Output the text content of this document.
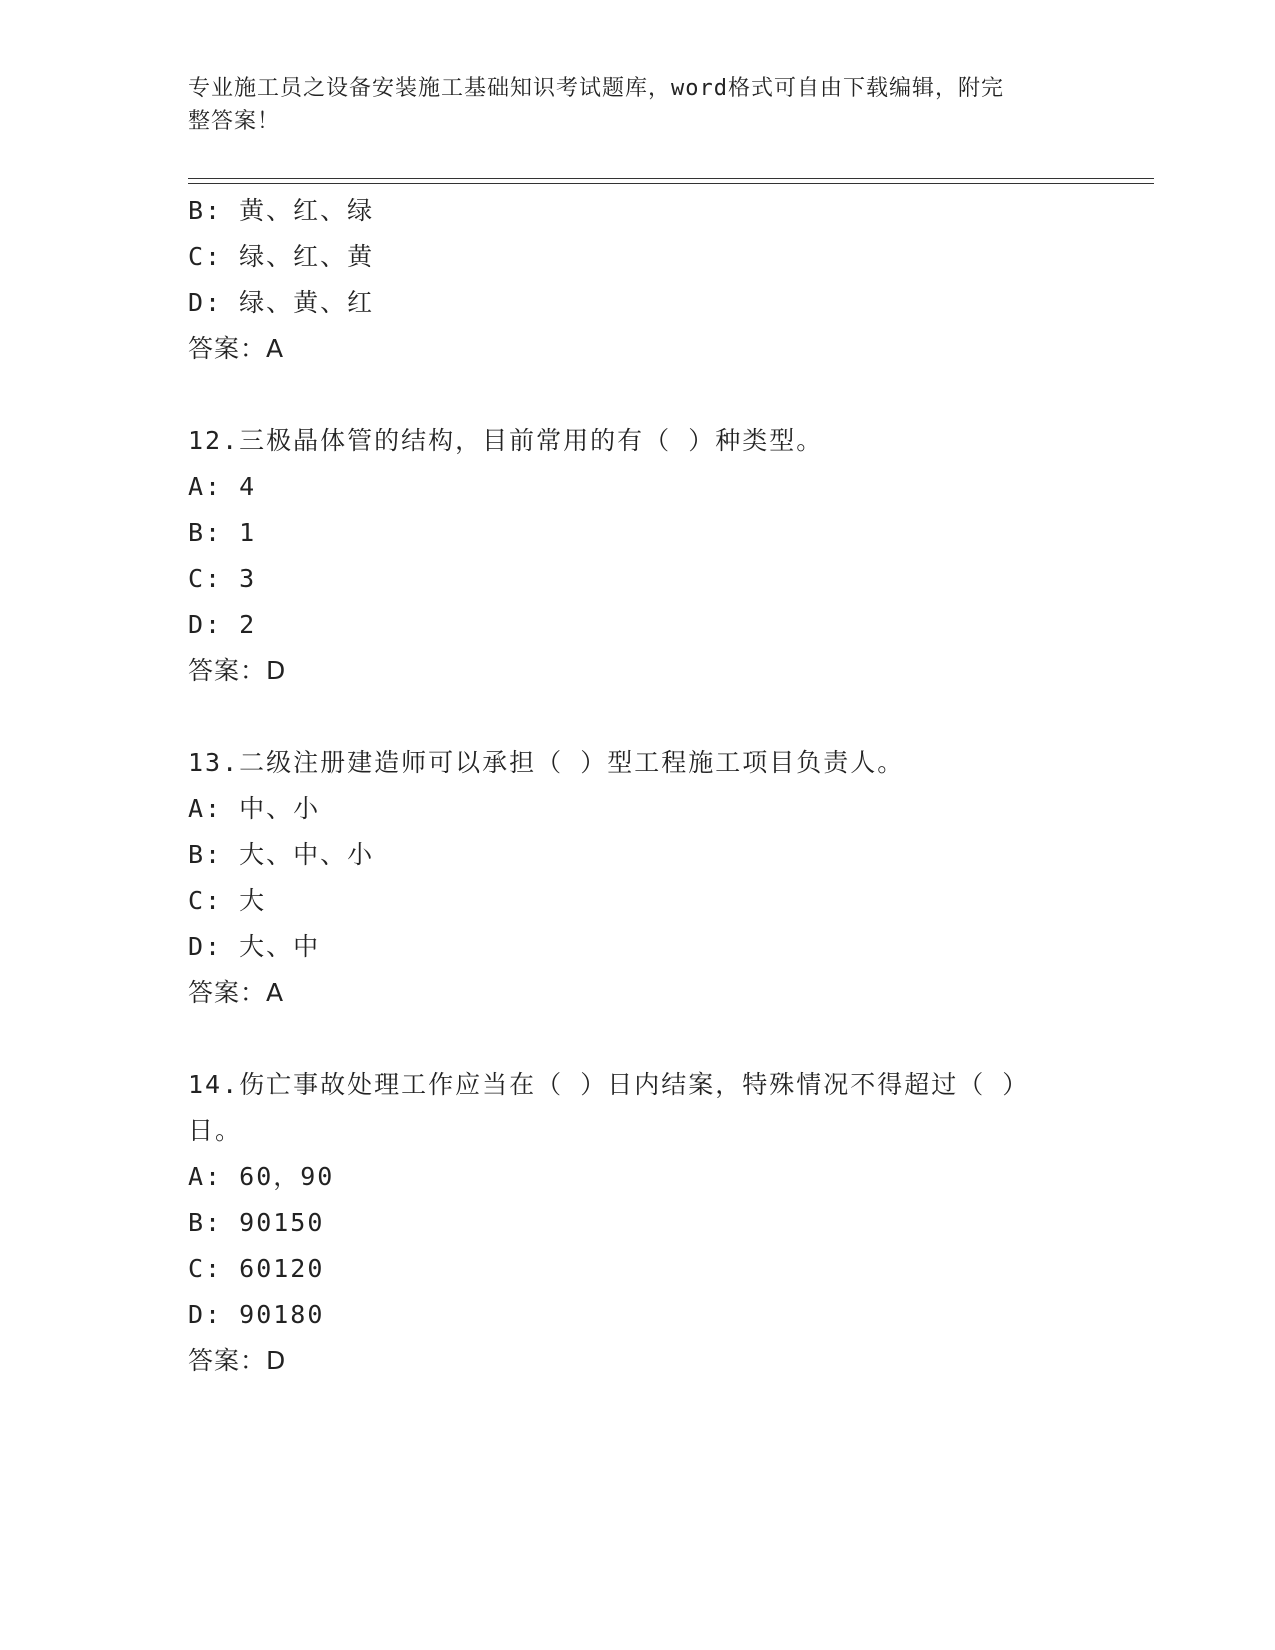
专业施工员之设备安装施工基础知识考试题库，word格式可自由下载编辑，附完
整答案！
B: 黄、红、绿
C: 绿、红、黄
D: 绿、黄、红
答案：A
12.三极晶体管的结构，目前常用的有（ ）种类型。
A: 4
B: 1
C: 3
D: 2
答案：D
13.二级注册建造师可以承担（ ）型工程施工项目负责人。
A: 中、小
B: 大、中、小
C: 大
D: 大、中
答案：A
14.伤亡事故处理工作应当在（ ）日内结案，特殊情况不得超过（ ）
日。
A: 60，90
B: 90150
C: 60120
D: 90180
答案：D
